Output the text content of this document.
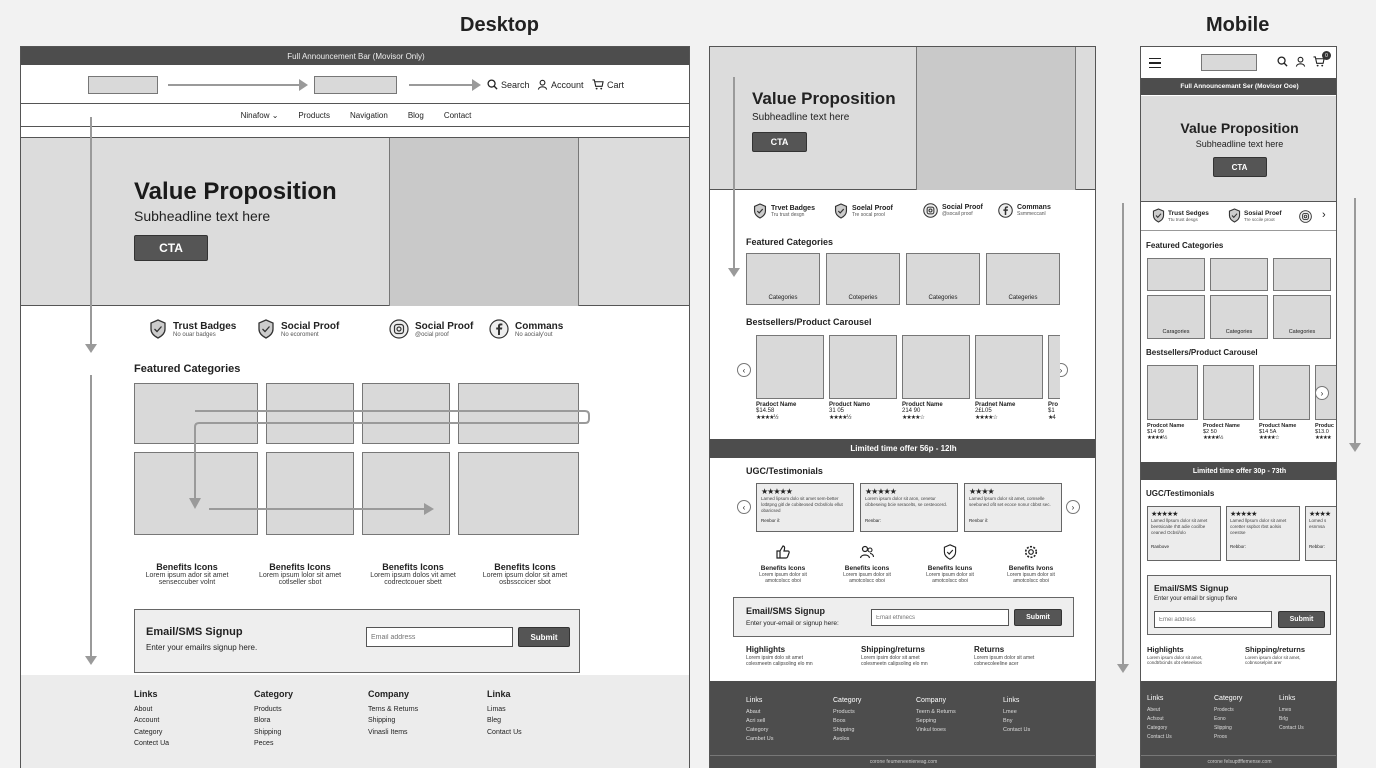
Desktop	Mobile
Full Announcement Bar (Movisor Only)
Search Account	Cart
Ninafow ⌄	Products	Navigation	Blog	Contact
Value Proposition
Subheadline text here
CTA
Trust Badges
No ouar badges
Social Proof
No ecoroment
Social Proof
@ocial proof
Commans
No aocialy'out
Featured Categories
Benefits Icons
Lorem ipsum ador sit amet
senseccuber volnt
Benefits Icons
Lorem ipsum lolor sit amet
cotlseller sbot
Benefits Icons
Lorem ipsum dolos vit amet
codrectcouer sbett
Benefits Icons
Lorem ipsum dolor sit amet
osbssccicer sbot
Email/SMS Signup
Enter your emailrs signup here.
Email address
Submit
Links
About
Account
Category
Contect Ua
Category
Products
Blora
Shipping
Peces
Company
Terns & Returns
Shipping
Vinasli Items
Linka
Limas
Bleg
Contact Us
Value Proposition
Subheadline text here
CTA
Trvet Badges
Tru trust desgn
Soelal Proof
Tre socal prool
Social Proof
@socail proof
Commans
Ssmmeccanl
Featured Categories
Categories	Coteperies	Categories	Categeries
Bestsellers/Product Carousel
‹	›
Pradoct Name
$14.58
★★★★½
Product Namo
31 05
★★★★½
Product Name
214 90
★★★★☆
Pradnet Name
2£L05
★★★★☆
Pro
$1
★4
Limited time offer 56p - 12lh
UGC/Testimonials
‹	›
★★★★★
Lamed lipsum dolo sit amet sem-better lotbtpng gitl de cobiteosed Ocbsl/olo ellut obaricsed
Renbor il:
★★★★★
Lorem ipsum dolor sit aron, cenetur cibbeseing bcie seracelts, se cesteocerd.
Renbar:
★★★★
Lamed lpsum dolor sit amet, comselle seeboned ofit set ecoce nonur cbbst sec.
Renbor il:
Benefits Icons
Lorem ipsum dolor sit
amotcolscc oboi
Benefits icons
Lorem ipsum dolor sit
amotcolscc oboi
Benefits Icuns
Lorem ipsum dolor sit
amotcolscc oboi
Benefits Ivons
Lorem ipsum dolor sit
amotcolscc oboi
Email/SMS Signup
Enter your-email or signup here:
Email ethinecs
Submit
Highlights
Lorem ipsim dolo sit amet
colesmeetn calipsoling elo mn
Shipping/returns
Lorem ipsim dolor sit amet
colesmeetn calipsoling elo mn
Returns
Lorem ipsum dolor sit amet
cobnecoleeline acer
Links
Abaut
Acri sell
Category
Cambet Us
Category
Products
Boos
Shipping
Avolos
Company
Teern & Returns
Sepping
Vinkul tooes
Links
Lmee
Bny
Contact Us
corone feumeneenieneag.com
0
Full Announcemant Ser (Movisor Ooe)
Value Proposition
Subheadline text here
CTA
Trust Sedges
Ttu trust desgs
Sosial Proef
Tre sccile proot	›
Featured Categories
Caragories	Categories	Categories
Bestsellers/Product Carousel
Prodcot Name
$14 99
★★★★½
Prodect Name
$2 50
★★★★½
Product Name
$14 5A
★★★★☆
Produc
$13.0
★★★★
›
Limited time offer 30p - 73th
UGC/Testimonials
★★★★★
Lamed llpsum dolor sit amet beetsicaite rhtt adie cocilbe ceaned Ocbsl/olo
Ranbove
★★★★★
Lamed llpsum dolor sit amet coretter sspbot rbst aolsis ceestse
Rebbor:
★★★★
Lomed s esnmsa
Rebbor:
Email/SMS Signup
Enter your email br signup flere
Emei address
Submit
Highlights
Lorem ipsum dolor sit amet,
condtrbcinds obt eleteeloos
Shipping/returns
Lorem ipsum dolor sit amet,
cobnsoselpint arer
Links
Abeut
Acfsout
Category
Contact Us
Category
Prodects
Eono
Slipping
Proos
Links
Lmes
Brlg
Contact Us
corone felsuptfffemense.com
